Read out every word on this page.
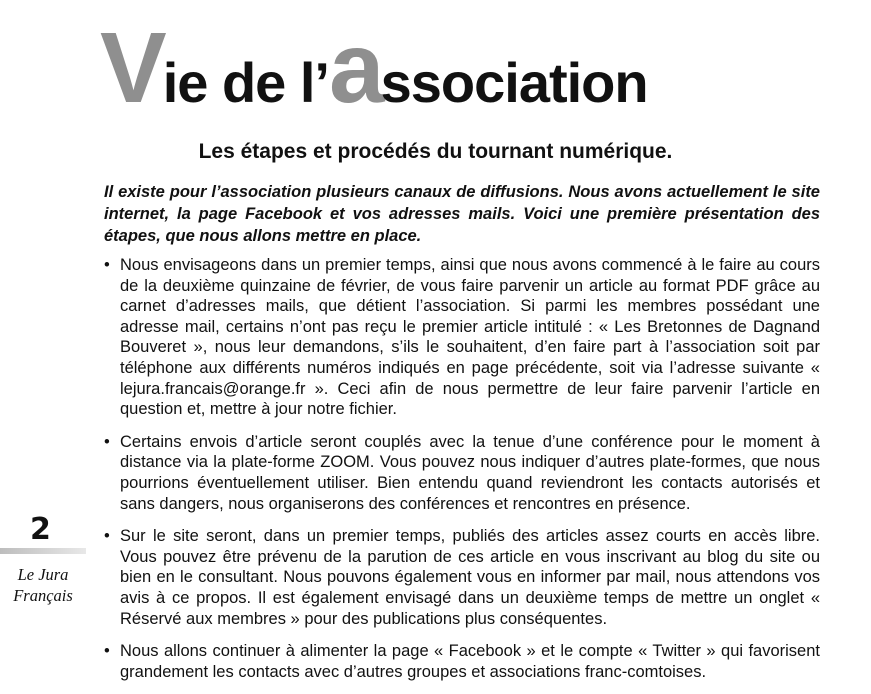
Vie de l’association
Les étapes et procédés du tournant numérique.

Il existe pour l’association plusieurs canaux de diffusions. Nous avons actuellement le site internet, la page Facebook et vos adresses mails. Voici une première présentation des étapes, que nous allons mettre en place.

• Nous envisageons dans un premier temps, ainsi que nous avons commencé à le faire au cours de la deuxième quinzaine de février, de vous faire parvenir un article au format PDF grâce au carnet d’adresses mails, que détient l’association. Si parmi les membres possédant une adresse mail, certains n’ont pas reçu le premier article intitulé : « Les Bretonnes de Dagnand Bouveret », nous leur demandons, s’ils le souhaitent, d’en faire part à l’association soit par téléphone aux différents numéros indiqués en page précédente, soit via l’adresse suivante « lejura.francais@orange.fr ». Ceci afin de nous permettre de leur faire parvenir l’article en question et, mettre à jour notre fichier.
• Certains envois d’article seront couplés avec la tenue d’une conférence pour le moment à distance via la plate-forme ZOOM. Vous pouvez nous indiquer d’autres plate-formes, que nous pourrions éventuellement utiliser. Bien entendu quand reviendront les contacts autorisés et sans dangers, nous organiserons des conférences et rencontres en présence.
• Sur le site seront, dans un premier temps, publiés des articles assez courts en accès libre. Vous pouvez être prévenu de la parution de ces article en vous inscrivant au blog du site ou bien en le consultant. Nous pouvons également vous en informer par mail, nous attendons vos avis à ce propos. Il est également envisagé dans un deuxième temps de mettre un onglet « Réservé aux membres » pour des publications plus conséquentes.
• Nous allons continuer à alimenter la page « Facebook » et le compte « Twitter » qui favorisent grandement les contacts avec d’autres groupes et associations franc-comtoises.
2

Le Jura
Français
